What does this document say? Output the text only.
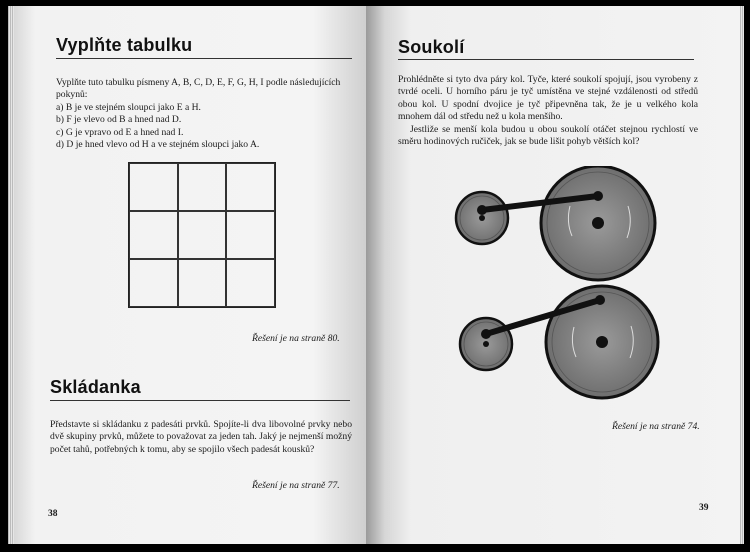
Vyplňte tabulku
Vyplňte tuto tabulku písmeny A, B, C, D, E, F, G, H, I podle následujících pokynů:
a) B je ve stejném sloupci jako E a H.
b) F je vlevo od B a hned nad D.
c) G je vpravo od E a hned nad I.
d) D je hned vlevo od H a ve stejném sloupci jako A.
Řešení je na straně 80.
Skládanka

Představte si skládanku z padesáti prvků. Spojíte-li dva libovolné prvky nebo dvě skupiny prvků, můžete to považovat za jeden tah. Jaký je nejmenší možný počet tahů, potřebných k tomu, aby se spojilo všech padesát kousků?

Řešení je na straně 77.
38
Soukolí
Prohlédněte si tyto dva páry kol. Tyče, které soukolí spojují, jsou vyrobeny z tvrdé oceli. U horního páru je tyč umístěna ve stejné vzdálenosti od středů obou kol. U spodní dvojice je tyč připevněna tak, že je u velkého kola mnohem dál od středu než u kola menšího.
Jestliže se menší kola budou u obou soukolí otáčet stejnou rychlostí ve směru hodinových ručiček, jak se bude lišit pohyb větších kol?
Řešení je na straně 74.
39
